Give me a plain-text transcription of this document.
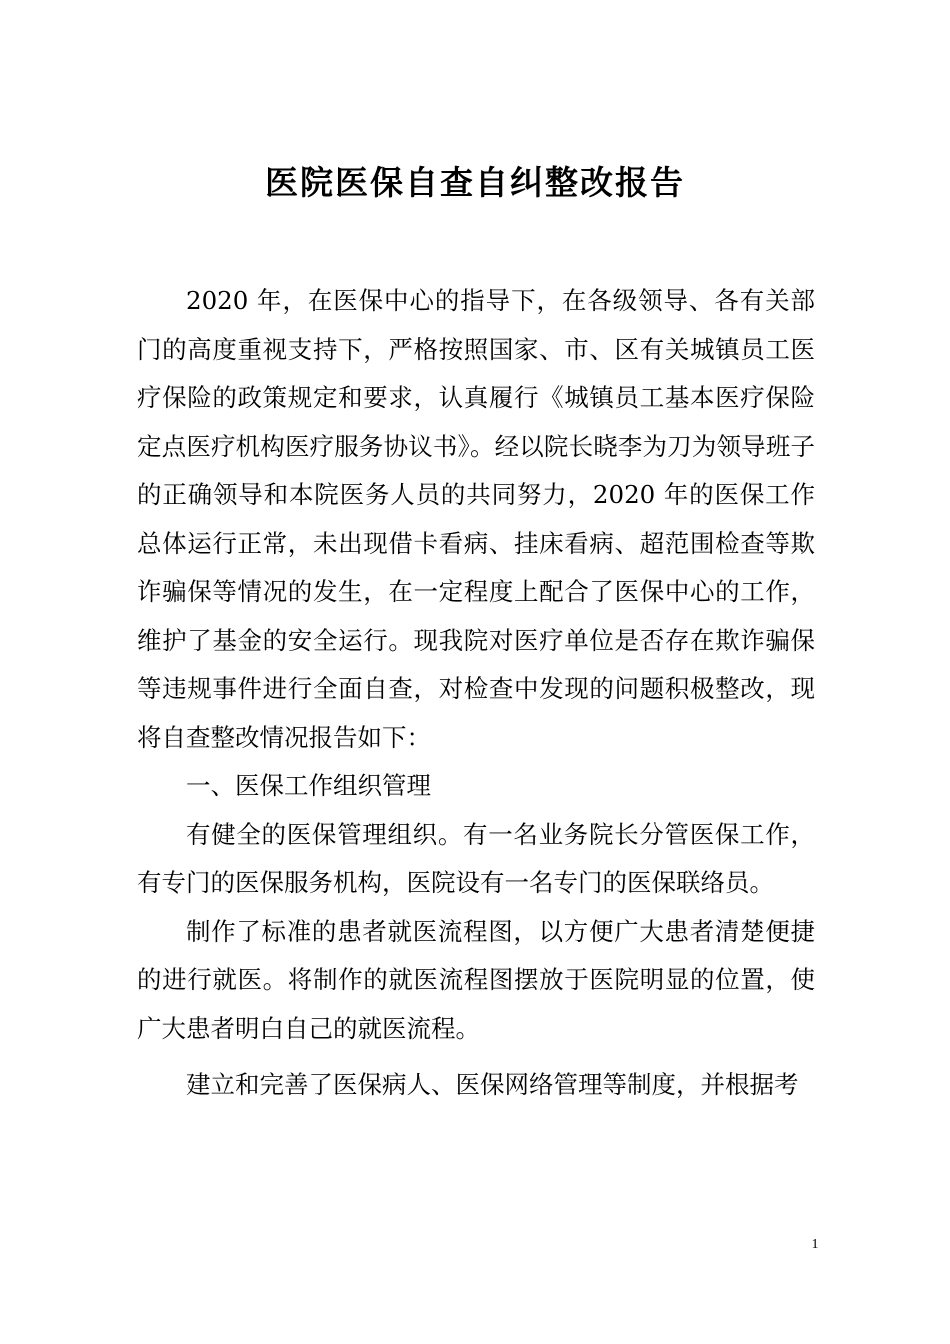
医院医保自查自纠整改报告

2020 年，在医保中心的指导下，在各级领导、各有关部门的高度重视支持下，严格按照国家、市、区有关城镇员工医疗保险的政策规定和要求，认真履行《城镇员工基本医疗保险定点医疗机构医疗服务协议书》。经以院长晓李为刀为领导班子的正确领导和本院医务人员的共同努力，2020 年的医保工作总体运行正常，未出现借卡看病、挂床看病、超范围检查等欺诈骗保等情况的发生，在一定程度上配合了医保中心的工作，维护了基金的安全运行。现我院对医疗单位是否存在欺诈骗保等违规事件进行全面自查，对检查中发现的问题积极整改，现将自查整改情况报告如下：

一、医保工作组织管理

有健全的医保管理组织。有一名业务院长分管医保工作，有专门的医保服务机构，医院设有一名专门的医保联络员。

制作了标准的患者就医流程图，以方便广大患者清楚便捷的进行就医。将制作的就医流程图摆放于医院明显的位置，使广大患者明白自己的就医流程。

建立和完善了医保病人、医保网络管理等制度，并根据考

1
